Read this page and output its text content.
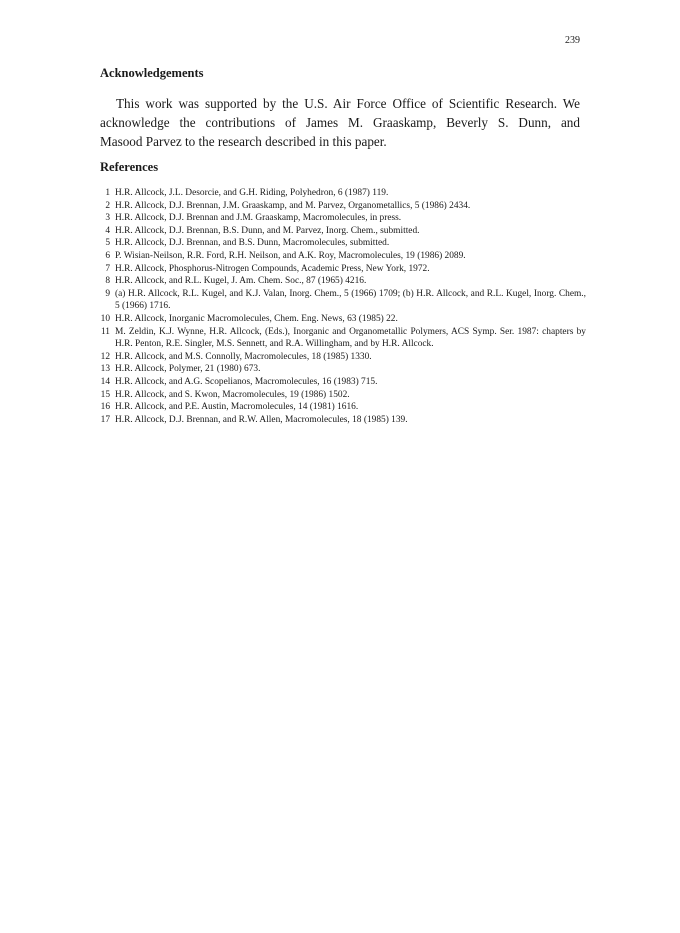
239
Acknowledgements
This work was supported by the U.S. Air Force Office of Scientific Research. We
acknowledge the contributions of James M. Graaskamp, Beverly S. Dunn, and
Masood Parvez to the research described in this paper.
References
1 H.R. Allcock, J.L. Desorcie, and G.H. Riding, Polyhedron, 6 (1987) 119.
2 H.R. Allcock, D.J. Brennan, J.M. Graaskamp, and M. Parvez, Organometallics, 5 (1986) 2434.
3 H.R. Allcock, D.J. Brennan and J.M. Graaskamp, Macromolecules, in press.
4 H.R. Allcock, D.J. Brennan, B.S. Dunn, and M. Parvez, Inorg. Chem., submitted.
5 H.R. Allcock, D.J. Brennan, and B.S. Dunn, Macromolecules, submitted.
6 P. Wisian-Neilson, R.R. Ford, R.H. Neilson, and A.K. Roy, Macromolecules, 19 (1986) 2089.
7 H.R. Allcock, Phosphorus-Nitrogen Compounds, Academic Press, New York, 1972.
8 H.R. Allcock, and R.L. Kugel, J. Am. Chem. Soc., 87 (1965) 4216.
9 (a) H.R. Allcock, R.L. Kugel, and K.J. Valan, Inorg. Chem., 5 (1966) 1709; (b) H.R. Allcock, and R.L. Kugel, Inorg. Chem., 5 (1966) 1716.
10 H.R. Allcock, Inorganic Macromolecules, Chem. Eng. News, 63 (1985) 22.
11 M. Zeldin, K.J. Wynne, H.R. Allcock, (Eds.), Inorganic and Organometallic Polymers, ACS Symp. Ser. 1987: chapters by H.R. Penton, R.E. Singler, M.S. Sennett, and R.A. Willingham, and by H.R. Allcock.
12 H.R. Allcock, and M.S. Connolly, Macromolecules, 18 (1985) 1330.
13 H.R. Allcock, Polymer, 21 (1980) 673.
14 H.R. Allcock, and A.G. Scopelianos, Macromolecules, 16 (1983) 715.
15 H.R. Allcock, and S. Kwon, Macromolecules, 19 (1986) 1502.
16 H.R. Allcock, and P.E. Austin, Macromolecules, 14 (1981) 1616.
17 H.R. Allcock, D.J. Brennan, and R.W. Allen, Macromolecules, 18 (1985) 139.
